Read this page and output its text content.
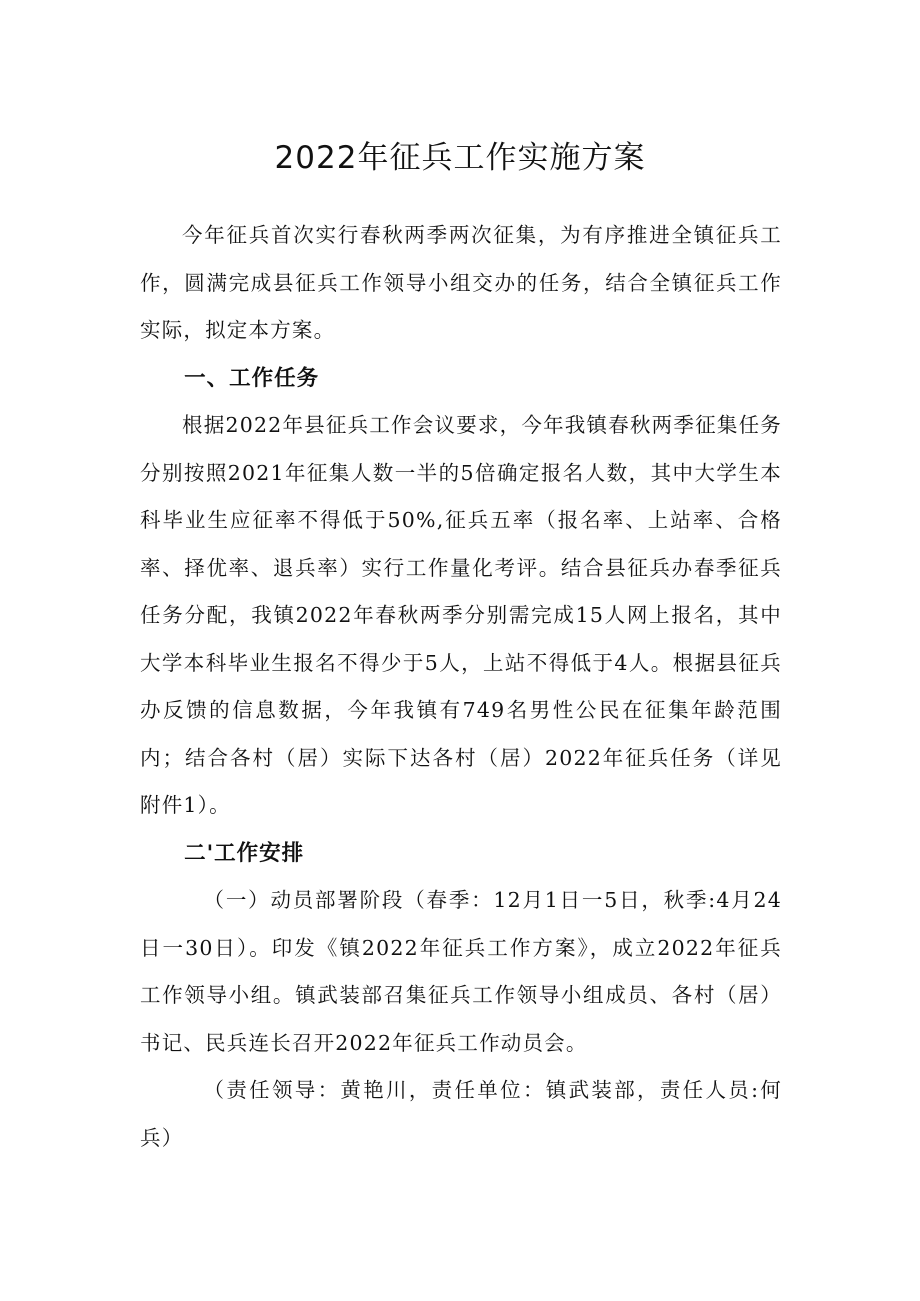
2022年征兵工作实施方案

今年征兵首次实行春秋两季两次征集，为有序推进全镇征兵工作，圆满完成县征兵工作领导小组交办的任务，结合全镇征兵工作实际，拟定本方案。

一、工作任务

根据2022年县征兵工作会议要求，今年我镇春秋两季征集任务分别按照2021年征集人数一半的5倍确定报名人数，其中大学生本科毕业生应征率不得低于50%,征兵五率（报名率、上站率、合格率、择优率、退兵率）实行工作量化考评。结合县征兵办春季征兵任务分配，我镇2022年春秋两季分别需完成15人网上报名，其中大学本科毕业生报名不得少于5人，上站不得低于4人。根据县征兵办反馈的信息数据，今年我镇有749名男性公民在征集年龄范围内；结合各村（居）实际下达各村（居）2022年征兵任务（详见附件1）。

二'工作安排

（一）动员部署阶段（春季：12月1日一5日，秋季:4月24日一30日）。印发《镇2022年征兵工作方案》，成立2022年征兵工作领导小组。镇武装部召集征兵工作领导小组成员、各村（居）书记、民兵连长召开2022年征兵工作动员会。

（责任领导：黄艳川，责任单位：镇武装部，责任人员:何兵）
